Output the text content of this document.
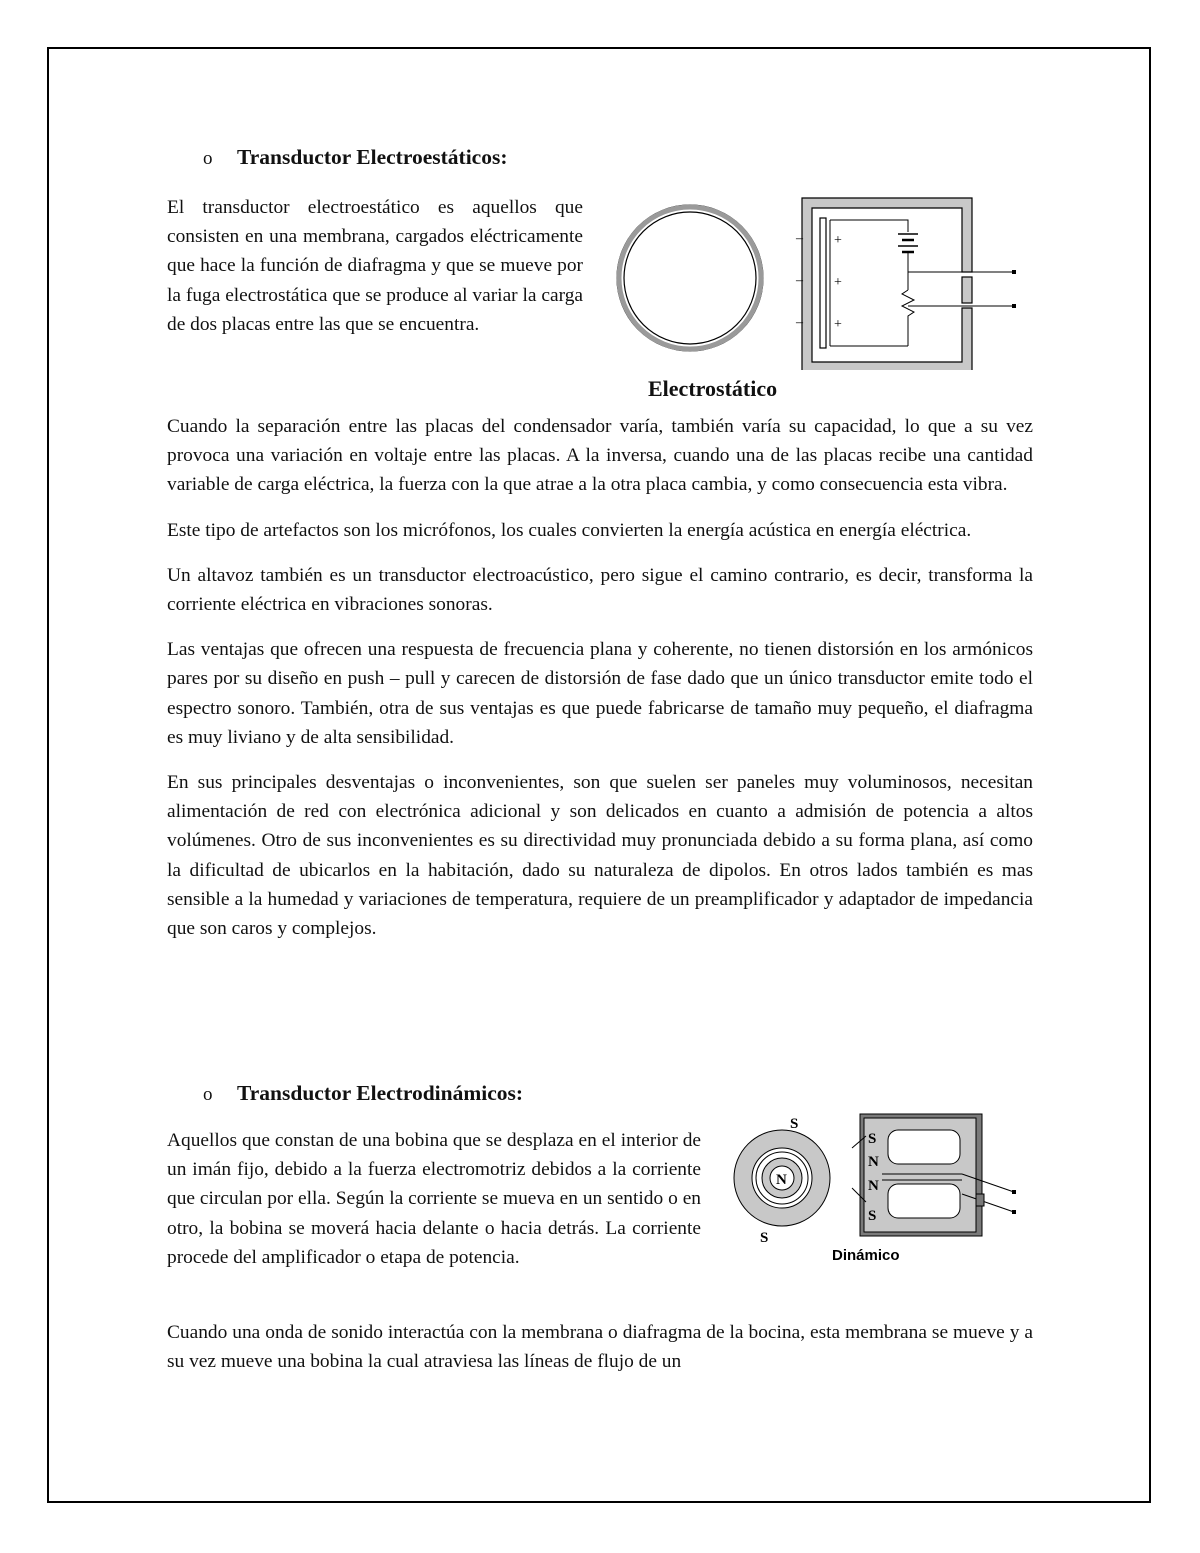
o Transductor Electroestáticos:

El transductor electroestático es aquellos que consisten en una membrana, cargados eléctricamente que hace la función de diafragma y que se mueve por la fuga electrostática que se produce al variar la carga de dos placas entre las que se encuentra.

+
+
+
–
–
–
Electrostático

Cuando la separación entre las placas del condensador varía, también varía su capacidad, lo que a su vez provoca una variación en voltaje entre las placas. A la inversa, cuando una de las placas recibe una cantidad variable de carga eléctrica, la fuerza con la que atrae a la otra placa cambia, y como consecuencia esta vibra.

Este tipo de artefactos son los micrófonos, los cuales convierten la energía acústica en energía eléctrica.

Un altavoz también es un transductor electroacústico, pero sigue el camino contrario, es decir, transforma la corriente eléctrica en vibraciones sonoras.

Las ventajas que ofrecen una respuesta de frecuencia plana y coherente, no tienen distorsión en los armónicos pares por su diseño en push – pull y carecen de distorsión de fase dado que un único transductor emite todo el espectro sonoro. También, otra de sus ventajas es que puede fabricarse de tamaño muy pequeño, el diafragma es muy liviano y de alta sensibilidad.

En sus principales desventajas o inconvenientes, son que suelen ser paneles muy voluminosos, necesitan alimentación de red con electrónica adicional y son delicados en cuanto a admisión de potencia a altos volúmenes. Otro de sus inconvenientes es su directividad muy pronunciada debido a su forma plana, así como la dificultad de ubicarlos en la habitación, dado su naturaleza de dipolos. En otros lados también es mas sensible a la humedad y variaciones de temperatura, requiere de un preamplificador y adaptador de impedancia que son caros y complejos.

o Transductor Electrodinámicos:

Aquellos que constan de una bobina que se desplaza en el interior de un imán fijo, debido a la fuerza electromotriz debidos a la corriente que circulan por ella. Según la corriente se mueva en un sentido o en otro, la bobina se moverá hacia delante o hacia detrás. La corriente procede del amplificador o etapa de potencia.

N
S
S
S
N
N
S
Dinámico

Cuando una onda de sonido interactúa con la membrana o diafragma de la bocina, esta membrana se mueve y a su vez mueve una bobina la cual atraviesa las líneas de flujo de un
